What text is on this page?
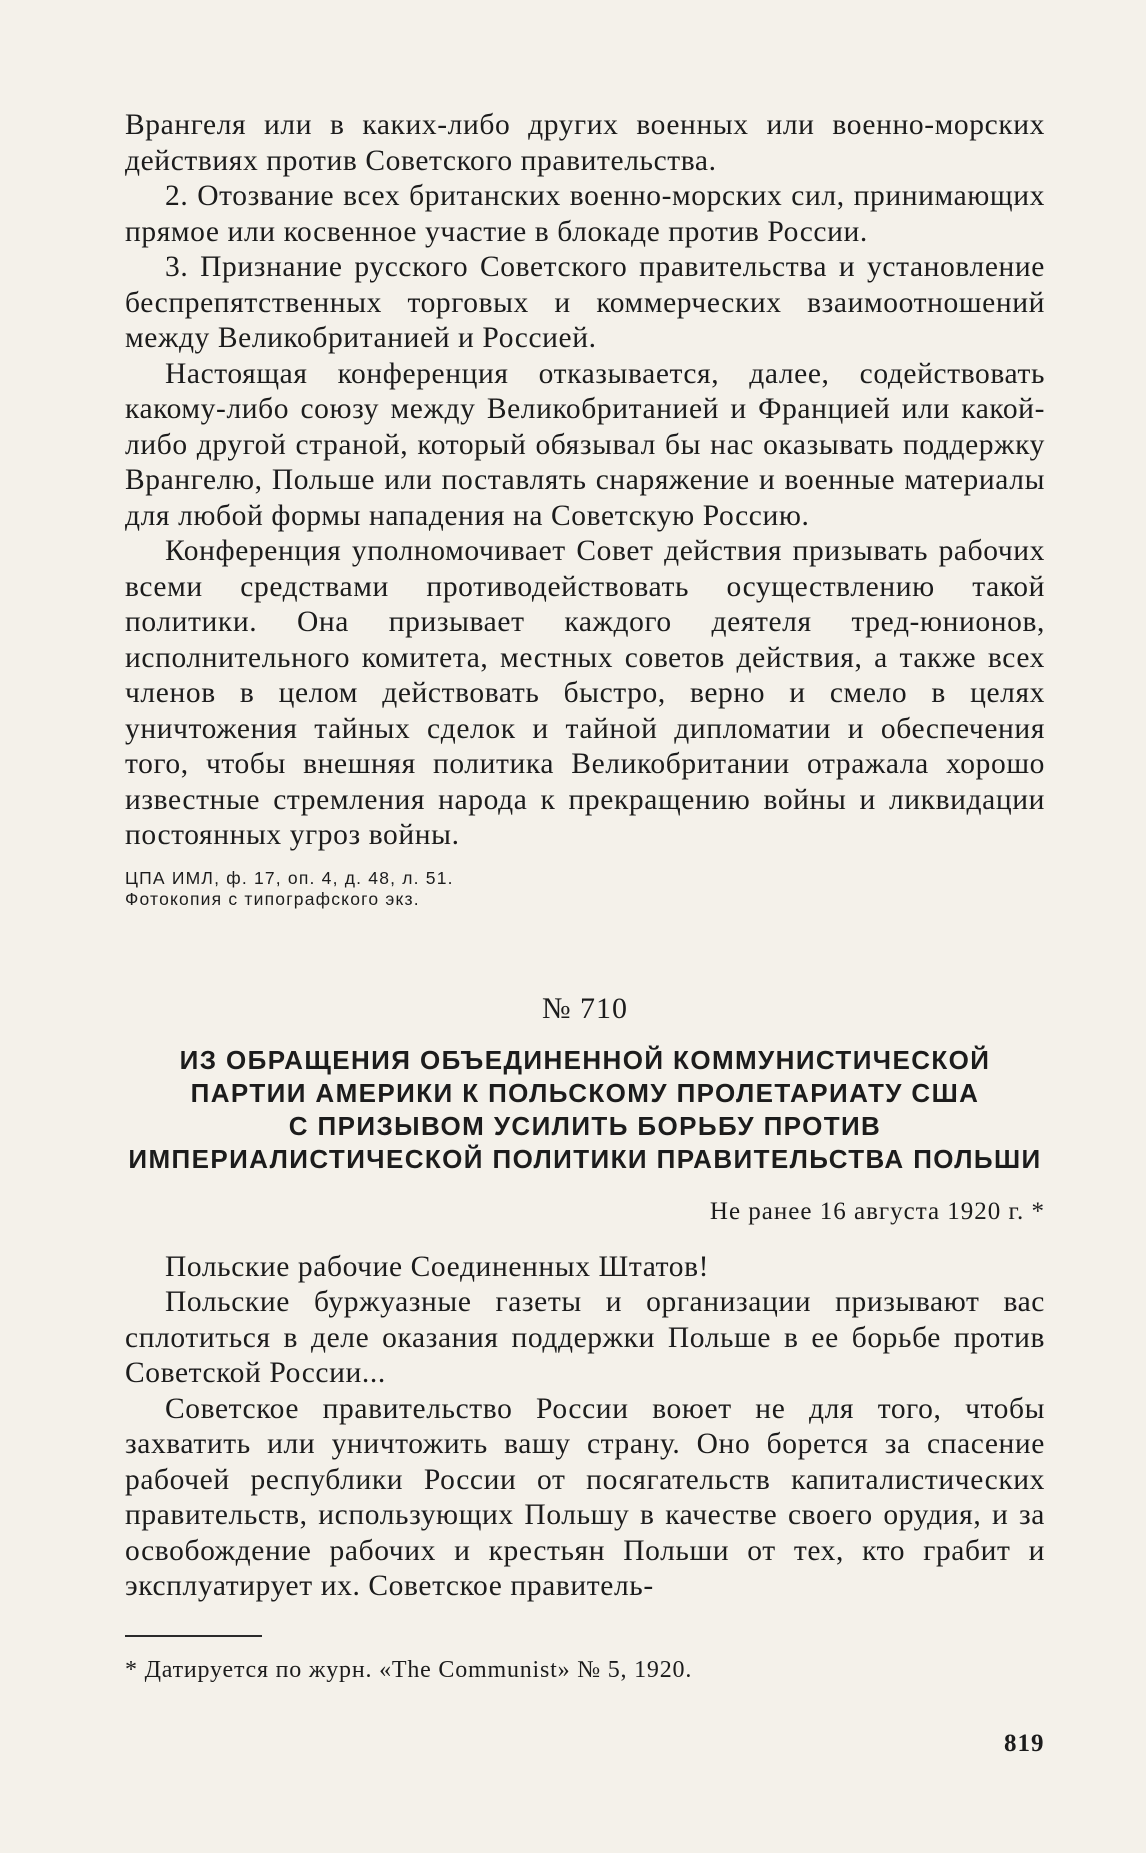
Врангеля или в каких-либо других военных или военно-морских действиях против Советского правительства.

2. Отозвание всех британских военно-морских сил, принимающих прямое или косвенное участие в блокаде против России.

3. Признание русского Советского правительства и установление беспрепятственных торговых и коммерческих взаимоотношений между Великобританией и Россией.

Настоящая конференция отказывается, далее, содействовать какому-либо союзу между Великобританией и Францией или какой-либо другой страной, который обязывал бы нас оказывать поддержку Врангелю, Польше или поставлять снаряжение и военные материалы для любой формы нападения на Советскую Россию.

Конференция уполномочивает Совет действия призывать рабочих всеми средствами противодействовать осуществлению такой политики. Она призывает каждого деятеля тред-юнионов, исполнительного комитета, местных советов действия, а также всех членов в целом действовать быстро, верно и смело в целях уничтожения тайных сделок и тайной дипломатии и обеспечения того, чтобы внешняя политика Великобритании отражала хорошо известные стремления народа к прекращению войны и ликвидации постоянных угроз войны.

ЦПА ИМЛ, ф. 17, оп. 4, д. 48, л. 51. Фотокопия с типографского экз.

№ 710

ИЗ ОБРАЩЕНИЯ ОБЪЕДИНЕННОЙ КОММУНИСТИЧЕСКОЙ
ПАРТИИ АМЕРИКИ К ПОЛЬСКОМУ ПРОЛЕТАРИАТУ США
С ПРИЗЫВОМ УСИЛИТЬ БОРЬБУ ПРОТИВ
ИМПЕРИАЛИСТИЧЕСКОЙ ПОЛИТИКИ ПРАВИТЕЛЬСТВА ПОЛЬШИ

Не ранее 16 августа 1920 г. *

Польские рабочие Соединенных Штатов!

Польские буржуазные газеты и организации призывают вас сплотиться в деле оказания поддержки Польше в ее борьбе против Советской России...

Советское правительство России воюет не для того, чтобы захватить или уничтожить вашу страну. Оно борется за спасение рабочей республики России от посягательств капиталистических правительств, использующих Польшу в качестве своего орудия, и за освобождение рабочих и крестьян Польши от тех, кто грабит и эксплуатирует их. Советское правитель-

* Датируется по журн. «The Communist» № 5, 1920.

819
